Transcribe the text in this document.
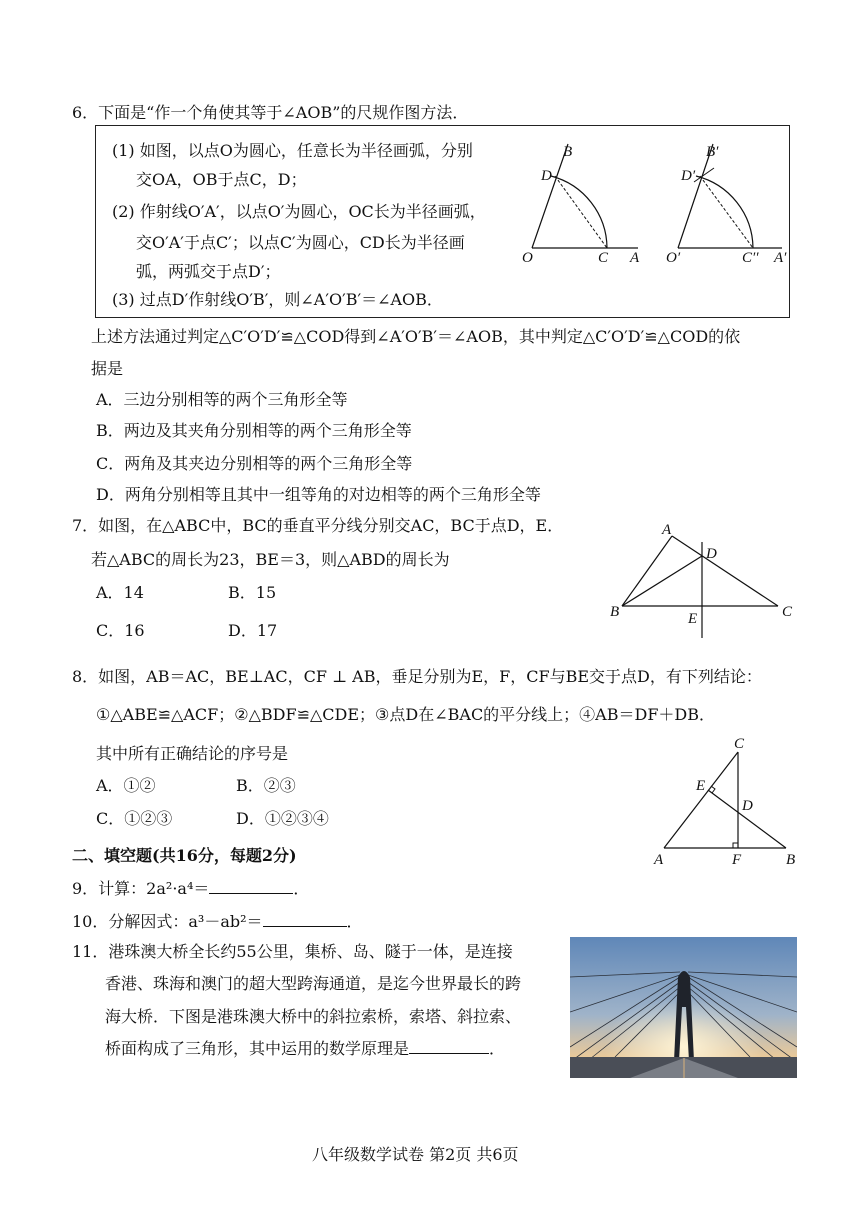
6．下面是“作一个角使其等于∠AOB”的尺规作图方法．
(1) 如图，以点O为圆心，任意长为半径画弧，分别
交OA，OB于点C，D；
(2) 作射线O′A′，以点O′为圆心，OC长为半径画弧，
交O′A′于点C′；以点C′为圆心，CD长为半径画
弧，两弧交于点D′；
(3) 过点D′作射线O′B′，则∠A′O′B′＝∠AOB．
O	C A
D
B
O′	C′′ A′
D′
B′
上述方法通过判定△C′O′D′≌△COD得到∠A′O′B′＝∠AOB，其中判定△C′O′D′≌△COD的依
据是
A．三边分别相等的两个三角形全等
B．两边及其夹角分别相等的两个三角形全等
C．两角及其夹边分别相等的两个三角形全等
D．两角分别相等且其中一组等角的对边相等的两个三角形全等
7．如图，在△ABC中，BC的垂直平分线分别交AC，BC于点D，E．
若△ABC的周长为23，BE＝3，则△ABD的周长为
A．14	B．15
C．16	D．17
A
D
B	E	C
8．如图，AB＝AC，BE⊥AC，CF ⊥ AB，垂足分别为E，F，CF与BE交于点D，有下列结论：
①△ABE≌△ACF；②△BDF≌△CDE；③点D在∠BAC的平分线上；④AB＝DF＋DB．
其中所有正确结论的序号是
A．①②	B．②③
C．①②③	D．①②③④
C
E
D
A	F	B
二、填空题(共16分，每题2分)
9．计算：2a²·a⁴＝	．
10．分解因式：a³－ab²＝	．
11．港珠澳大桥全长约55公里，集桥、岛、隧于一体，是连接
香港、珠海和澳门的超大型跨海通道，是迄今世界最长的跨
海大桥．下图是港珠澳大桥中的斜拉索桥，索塔、斜拉索、
桥面构成了三角形，其中运用的数学原理是	．
八年级数学试卷 第2页 共6页
